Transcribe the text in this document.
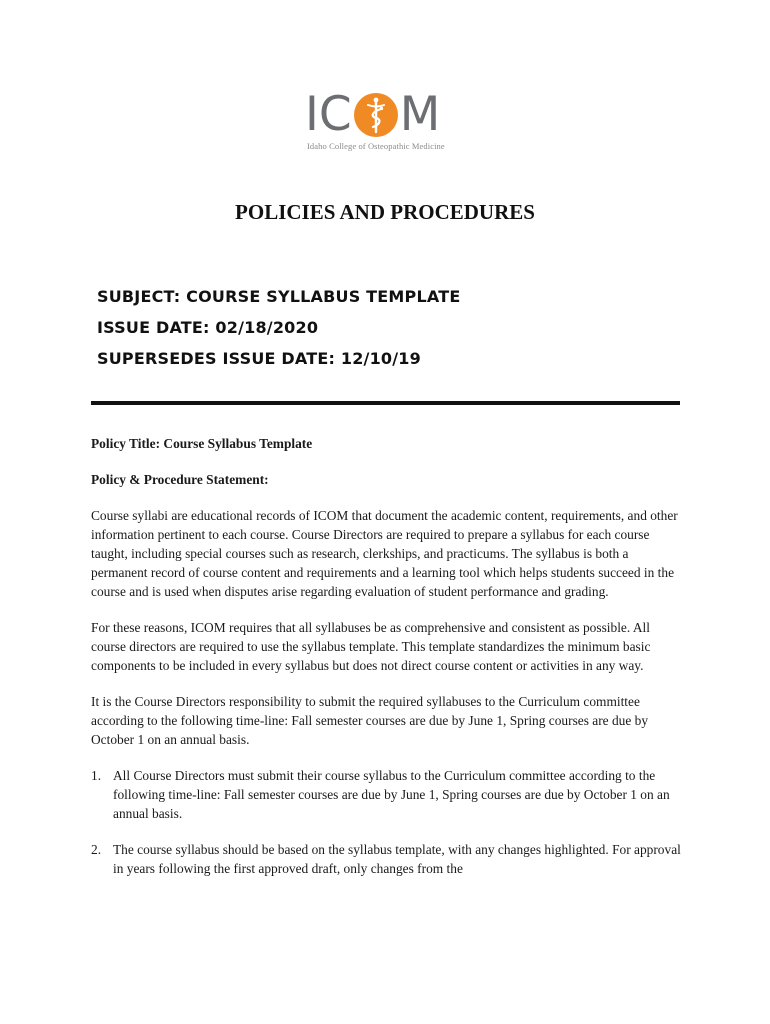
I C M
Idaho College of Osteopathic Medicine
POLICIES AND PROCEDURES
SUBJECT: COURSE SYLLABUS TEMPLATE
ISSUE DATE: 02/18/2020
SUPERSEDES ISSUE DATE: 12/10/19

Policy Title: Course Syllabus Template

Policy & Procedure Statement:

Course syllabi are educational records of ICOM that document the academic content, requirements, and other information pertinent to each course. Course Directors are required to prepare a syllabus for each course taught, including special courses such as research, clerkships, and practicums. The syllabus is both a permanent record of course content and requirements and a learning tool which helps students succeed in the course and is used when disputes arise regarding evaluation of student performance and grading.

For these reasons, ICOM requires that all syllabuses be as comprehensive and consistent as possible. All course directors are required to use the syllabus template. This template standardizes the minimum basic components to be included in every syllabus but does not direct course content or activities in any way.

It is the Course Directors responsibility to submit the required syllabuses to the Curriculum committee according to the following time-line: Fall semester courses are due by June 1, Spring courses are due by October 1 on an annual basis.

1. All Course Directors must submit their course syllabus to the Curriculum committee according to the following time-line: Fall semester courses are due by June 1, Spring courses are due by October 1 on an annual basis.
2. The course syllabus should be based on the syllabus template, with any changes highlighted. For approval in years following the first approved draft, only changes from the
